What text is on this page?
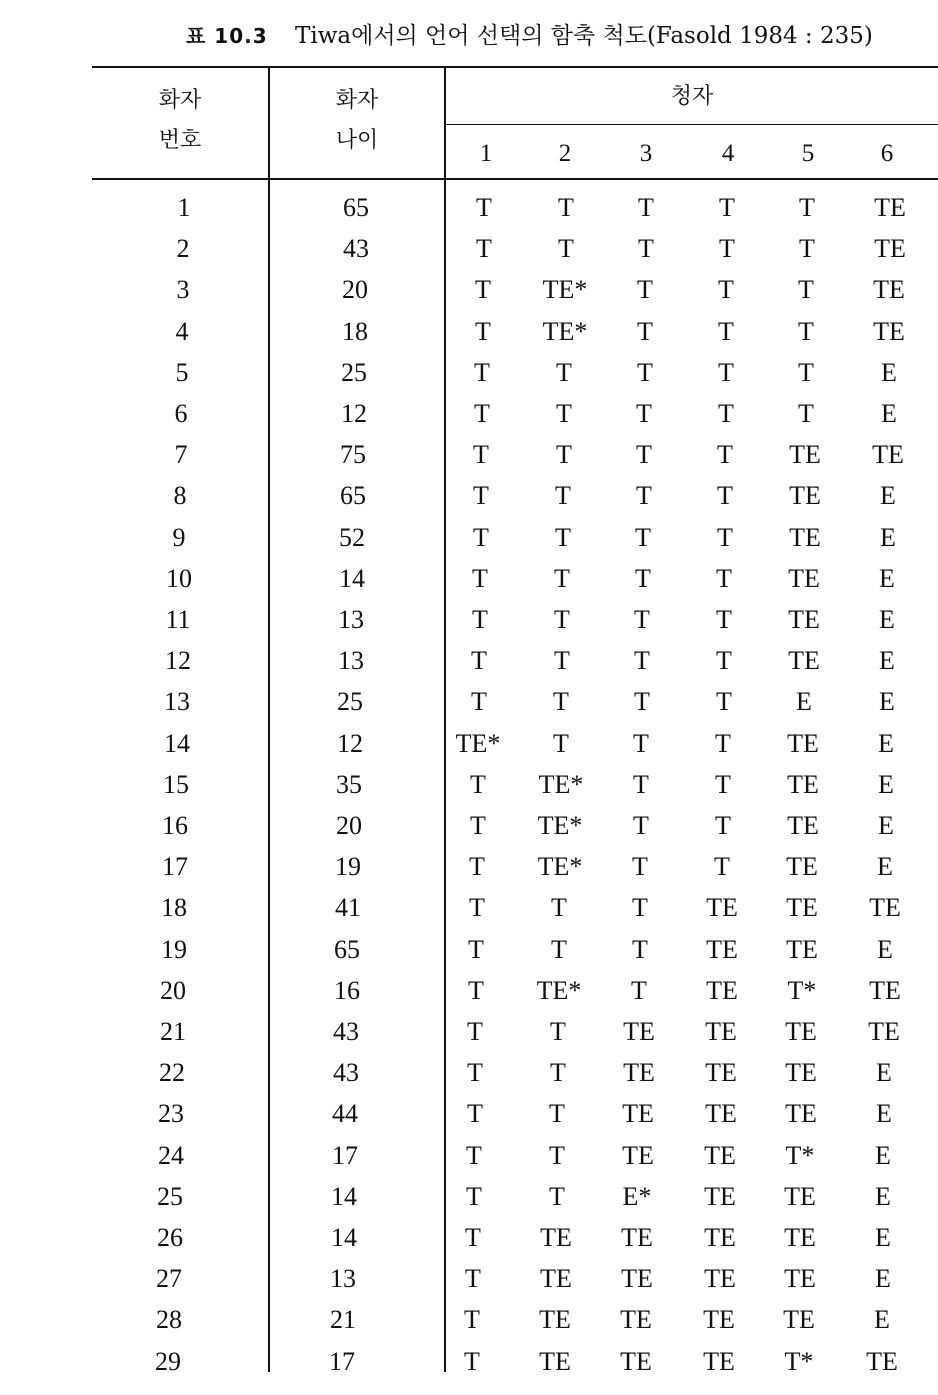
표 10.3 Tiwa에서의 언어 선택의 함축 척도(Fasold 1984 : 235)
화자
번호
화자
나이
청자
1	2	3	4	5	6
1	65	T	T	T	T	T	TE
2	43	T	T	T	T	T	TE
3	20	T	TE*	T	T	T	TE
4	18	T	TE*	T	T	T	TE
5	25	T	T	T	T	T	E
6	12	T	T	T	T	T	E
7	75	T	T	T	T	TE	TE
8	65	T	T	T	T	TE	E
9	52	T	T	T	T	TE	E
10	14	T	T	T	T	TE	E
11	13	T	T	T	T	TE	E
12	13	T	T	T	T	TE	E
13	25	T	T	T	T	E	E
14	12	TE*	T	T	T	TE	E
15	35	T	TE*	T	T	TE	E
16	20	T	TE*	T	T	TE	E
17	19	T	TE*	T	T	TE	E
18	41	T	T	T	TE	TE	TE
19	65	T	T	T	TE	TE	E
20	16	T	TE*	T	TE	T*	TE
21	43	T	T	TE	TE	TE	TE
22	43	T	T	TE	TE	TE	E
23	44	T	T	TE	TE	TE	E
24	17	T	T	TE	TE	T*	E
25	14	T	T	E*	TE	TE	E
26	14	T	TE	TE	TE	TE	E
27	13	T	TE	TE	TE	TE	E
28	21	T	TE	TE	TE	TE	E
29	17	T	TE	TE	TE	T*	TE
